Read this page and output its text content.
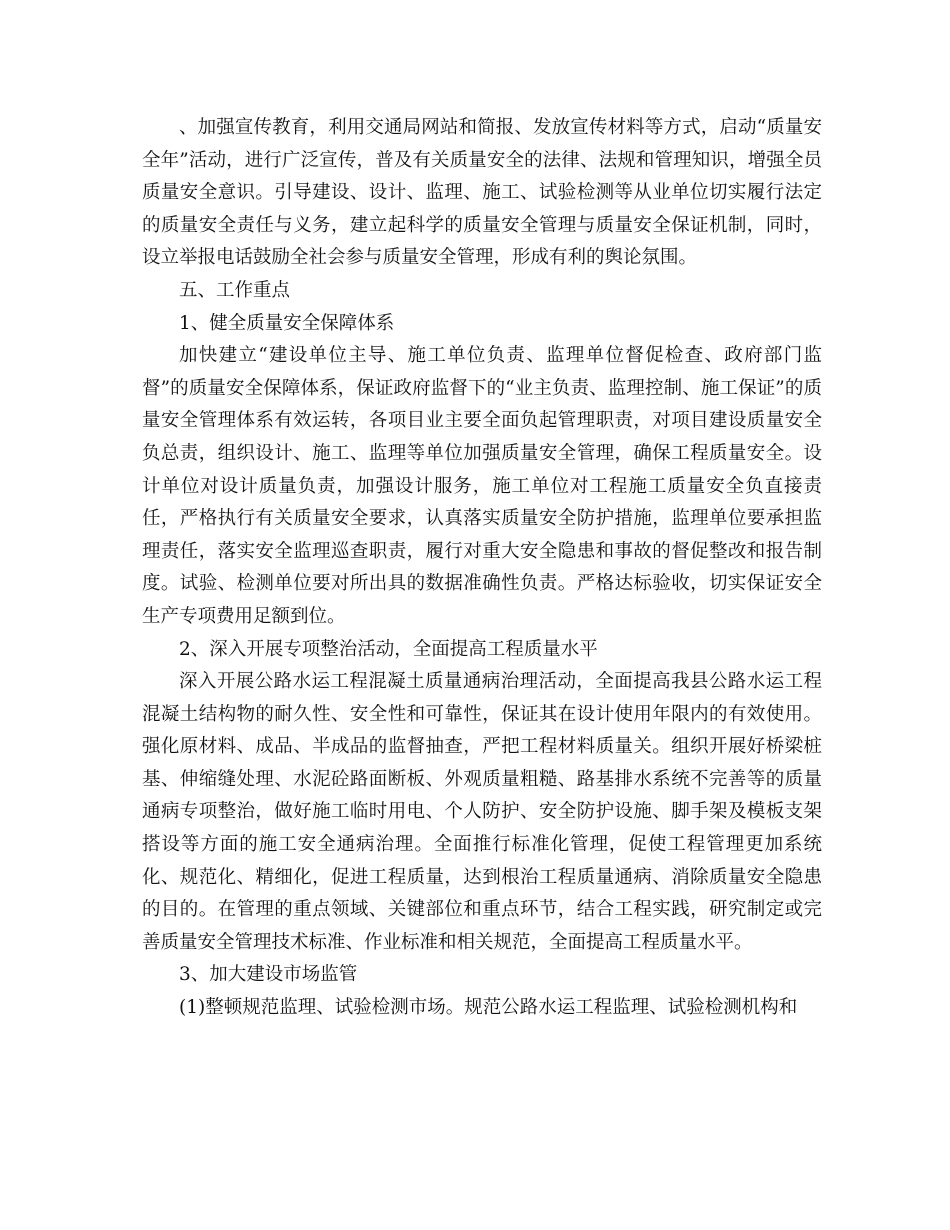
、加强宣传教育，利用交通局网站和简报、发放宣传材料等方式，启动“质量安全年”活动，进行广泛宣传，普及有关质量安全的法律、法规和管理知识，增强全员质量安全意识。引导建设、设计、监理、施工、试验检测等从业单位切实履行法定的质量安全责任与义务，建立起科学的质量安全管理与质量安全保证机制，同时，设立举报电话鼓励全社会参与质量安全管理，形成有利的舆论氛围。

五、工作重点

1、健全质量安全保障体系

加快建立“建设单位主导、施工单位负责、监理单位督促检查、政府部门监督”的质量安全保障体系，保证政府监督下的“业主负责、监理控制、施工保证”的质量安全管理体系有效运转，各项目业主要全面负起管理职责，对项目建设质量安全负总责，组织设计、施工、监理等单位加强质量安全管理，确保工程质量安全。设计单位对设计质量负责，加强设计服务，施工单位对工程施工质量安全负直接责任，严格执行有关质量安全要求，认真落实质量安全防护措施，监理单位要承担监理责任，落实安全监理巡查职责，履行对重大安全隐患和事故的督促整改和报告制度。试验、检测单位要对所出具的数据准确性负责。严格达标验收，切实保证安全生产专项费用足额到位。

2、深入开展专项整治活动，全面提高工程质量水平

深入开展公路水运工程混凝土质量通病治理活动，全面提高我县公路水运工程混凝土结构物的耐久性、安全性和可靠性，保证其在设计使用年限内的有效使用。强化原材料、成品、半成品的监督抽查，严把工程材料质量关。组织开展好桥梁桩基、伸缩缝处理、水泥砼路面断板、外观质量粗糙、路基排水系统不完善等的质量通病专项整治，做好施工临时用电、个人防护、安全防护设施、脚手架及模板支架搭设等方面的施工安全通病治理。全面推行标准化管理，促使工程管理更加系统化、规范化、精细化，促进工程质量，达到根治工程质量通病、消除质量安全隐患的目的。在管理的重点领域、关键部位和重点环节，结合工程实践，研究制定或完善质量安全管理技术标准、作业标准和相关规范，全面提高工程质量水平。

3、加大建设市场监管

(1)整顿规范监理、试验检测市场。规范公路水运工程监理、试验检测机构和
